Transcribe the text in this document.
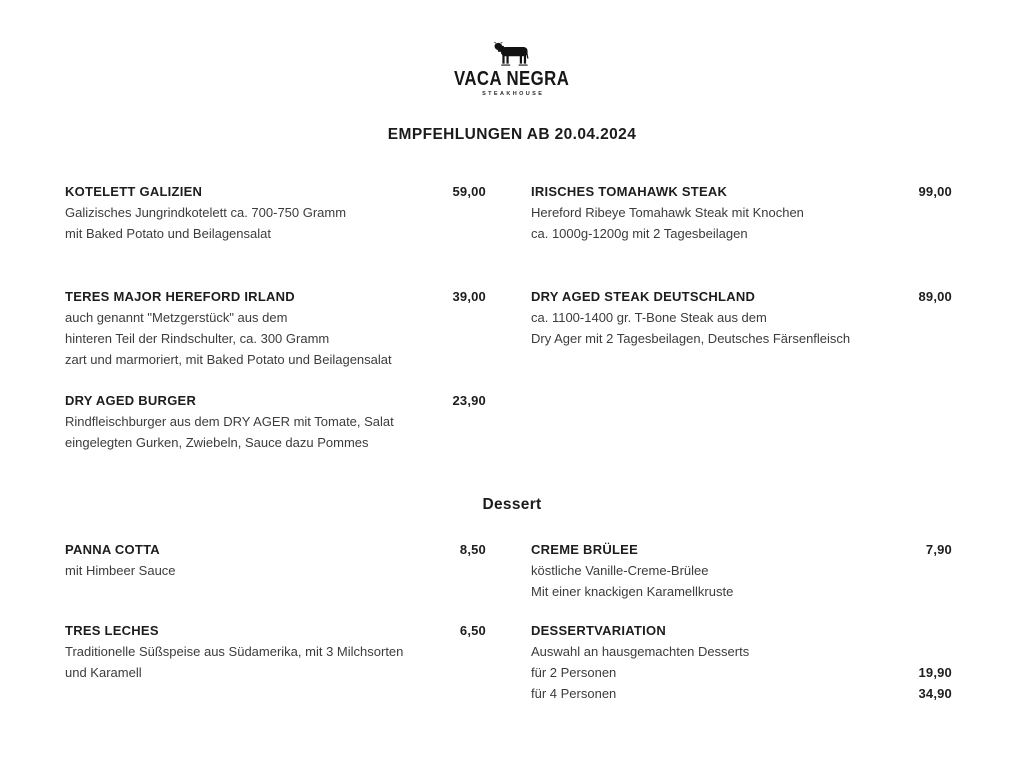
VACA NEGRA
STEAKHOUSE
EMPFEHLUNGEN AB 20.04.2024
KOTELETT GALIZIEN	59,00
Galizisches Jungrindkotelett ca. 700-750 Gramm
mit Baked Potato und Beilagensalat
IRISCHES TOMAHAWK STEAK	99,00
Hereford Ribeye Tomahawk Steak mit Knochen
ca. 1000g-1200g mit 2 Tagesbeilagen
TERES MAJOR HEREFORD IRLAND	39,00
auch genannt "Metzgerstück" aus dem
hinteren Teil der Rindschulter, ca. 300 Gramm
zart und marmoriert, mit Baked Potato und Beilagensalat
DRY AGED STEAK DEUTSCHLAND	89,00
ca. 1100-1400 gr. T-Bone Steak aus dem
Dry Ager mit 2 Tagesbeilagen, Deutsches Färsenfleisch
DRY AGED BURGER	23,90
Rindfleischburger aus dem DRY AGER mit Tomate, Salat
eingelegten Gurken, Zwiebeln, Sauce dazu Pommes
Dessert
PANNA COTTA	8,50
mit Himbeer Sauce
CREME BRÜLEE	7,90
köstliche Vanille-Creme-Brülee
Mit einer knackigen Karamellkruste
TRES LECHES	6,50
Traditionelle Süßspeise aus Südamerika, mit 3 Milchsorten
und Karamell
DESSERTVARIATION
Auswahl an hausgemachten Desserts
für 2 Personen	19,90
für 4 Personen	34,90
